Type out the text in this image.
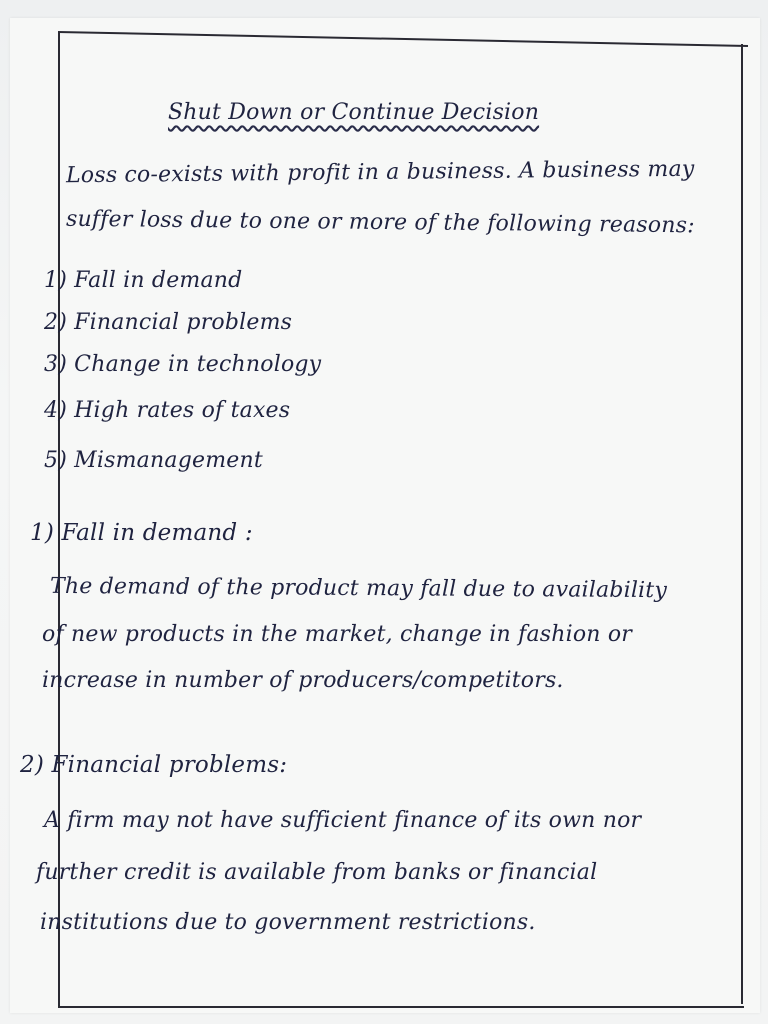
Shut Down or Continue Decision
Loss co-exists with profit in a business. A business may
suffer loss due to one or more of the following reasons:
1) Fall in demand
2) Financial problems
3) Change in technology
4) High rates of taxes
5) Mismanagement
1) Fall in demand :
The demand of the product may fall due to availability
of new products in the market, change in fashion or
increase in number of producers/competitors.
2) Financial problems:
A firm may not have sufficient finance of its own nor
further credit is available from banks or financial
institutions due to government restrictions.
